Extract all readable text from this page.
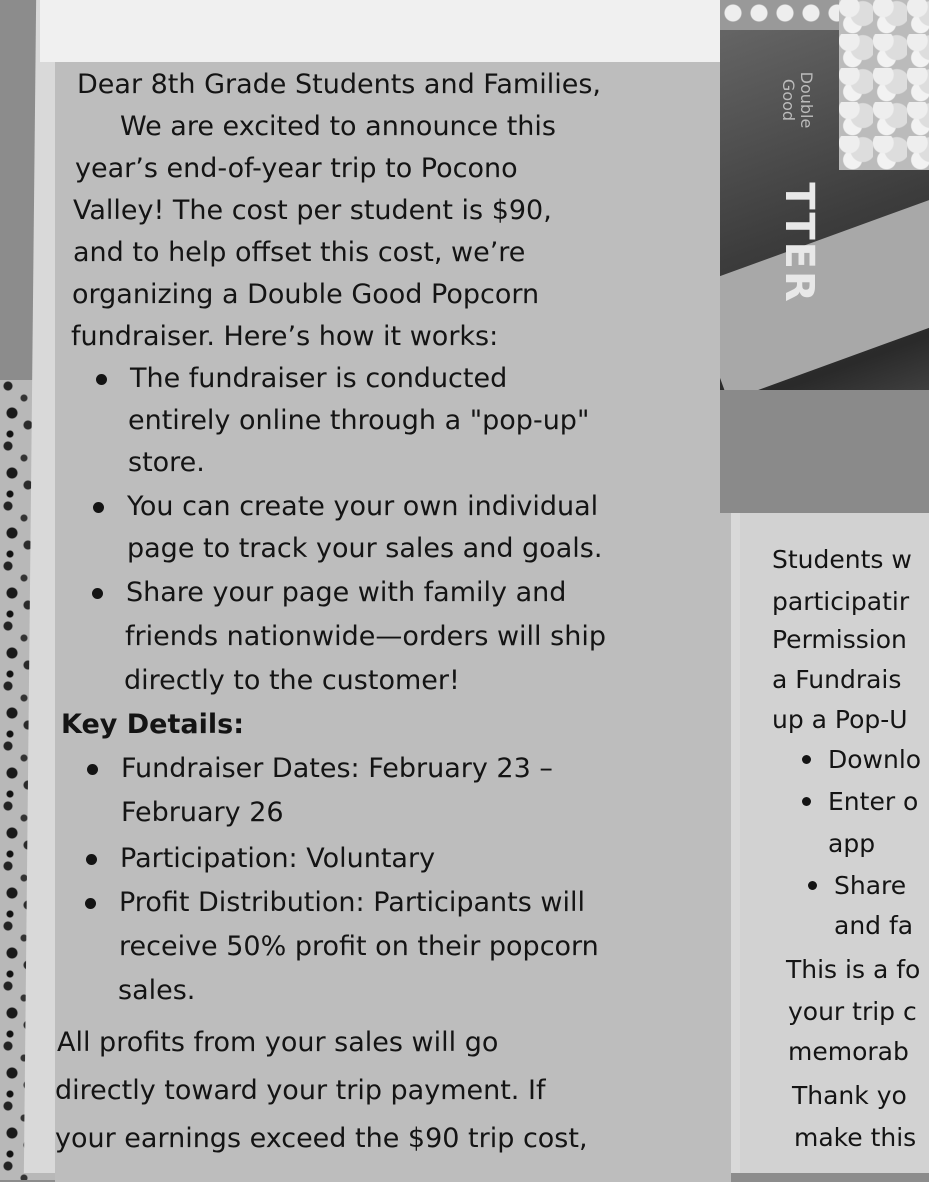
Dear 8th Grade Students and Families,
We are excited to announce this
year’s end-of-year trip to Pocono
Valley! The cost per student is $90,
and to help offset this cost, we’re
organizing a Double Good Popcorn
fundraiser. Here’s how it works:
The fundraiser is conducted
entirely online through a "pop-up"
store.
You can create your own individual
page to track your sales and goals.
Share your page with family and
friends nationwide—orders will ship
directly to the customer!
Key Details:
Fundraiser Dates: February 23 –
February 26
Participation: Voluntary
Profit Distribution: Participants will
receive 50% profit on their popcorn
sales.
All profits from your sales will go
directly toward your trip payment. If
your earnings exceed the $90 trip cost,
Double Good
TTER
Students w
participatir
Permission
a Fundrais
up a Pop-U
Downlo
Enter o
app
Share
and fa
This is a fo
your trip c
memorab
Thank yo
make this
